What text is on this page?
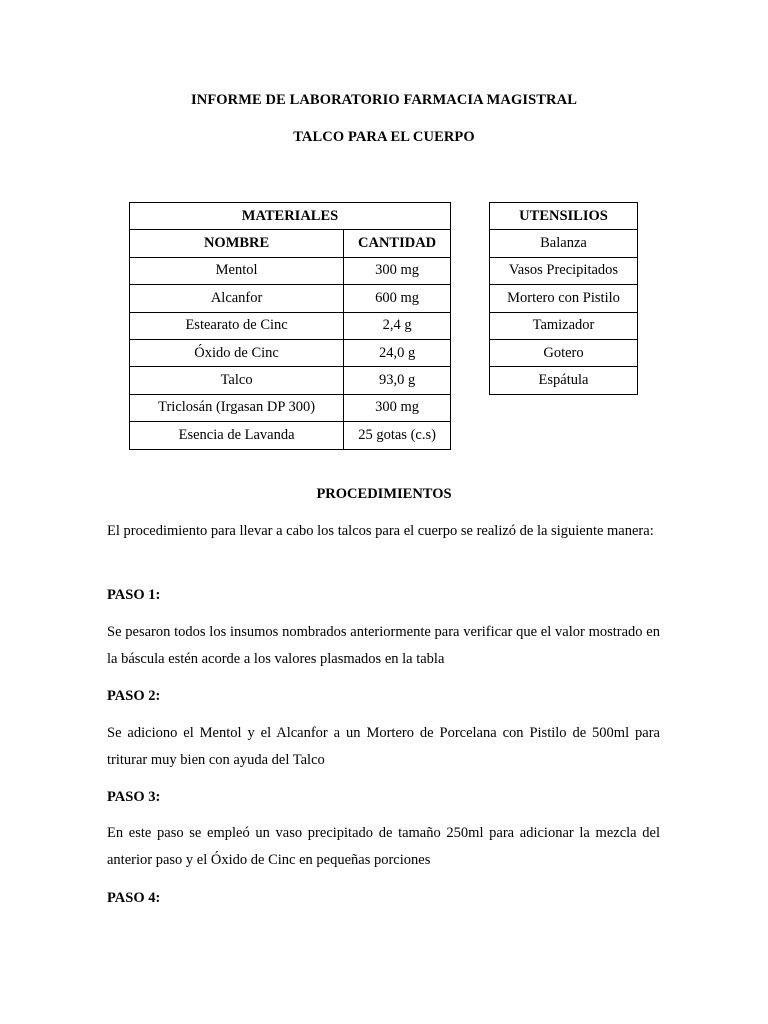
INFORME DE LABORATORIO FARMACIA MAGISTRAL
TALCO PARA EL CUERPO
MATERIALES	
NOMBRE	CANTIDAD
Mentol	300 mg
Alcanfor	600 mg
Estearato de Cinc	2,4 g
Óxido de Cinc	24,0 g
Talco	93,0 g
Triclosán (Irgasan DP 300)	300 mg
Esencia de Lavanda	25 gotas (c.s)
UTENSILIOS
Balanza
Vasos Precipitados
Mortero con Pistilo
Tamizador
Gotero
Espátula
PROCEDIMIENTOS
El procedimiento para llevar a cabo los talcos para el cuerpo se realizó de la siguiente manera:
PASO 1:
Se pesaron todos los insumos nombrados anteriormente para verificar que el valor mostrado en la báscula estén acorde a los valores plasmados en la tabla
PASO 2:
Se adiciono el Mentol y el Alcanfor a un Mortero de Porcelana con Pistilo de 500ml para triturar muy bien con ayuda del Talco
PASO 3:
En este paso se empleó un vaso precipitado de tamaño 250ml para adicionar la mezcla del anterior paso y el Óxido de Cinc en pequeñas porciones
PASO 4:
